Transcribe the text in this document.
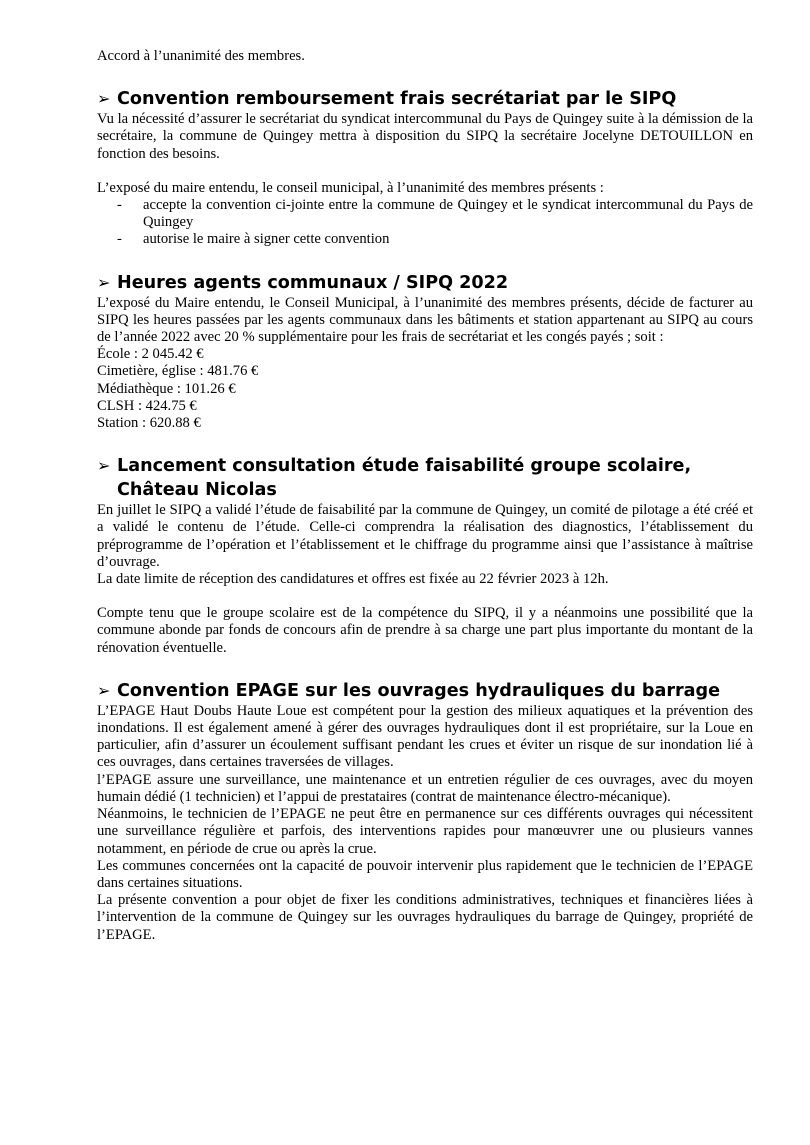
Accord à l’unanimité des membres.

➢ Convention remboursement frais secrétariat par le SIPQ

Vu la nécessité d’assurer le secrétariat du syndicat intercommunal du Pays de Quingey suite à la démission de la secrétaire, la commune de Quingey mettra à disposition du SIPQ la secrétaire Jocelyne DETOUILLON en fonction des besoins.

L’exposé du maire entendu, le conseil municipal, à l’unanimité des membres présents :

-	accepte la convention ci-jointe entre la commune de Quingey et le syndicat intercommunal du Pays de Quingey
-	autorise le maire à signer cette convention
➢ Heures agents communaux / SIPQ 2022

L’exposé du Maire entendu, le Conseil Municipal, à l’unanimité des membres présents, décide de facturer au SIPQ les heures passées par les agents communaux dans les bâtiments et station appartenant au SIPQ au cours de l’année 2022 avec 20 % supplémentaire pour les frais de secrétariat et les congés payés ; soit :

École : 2 045.42 €

Cimetière, église : 481.76 €

Médiathèque : 101.26 €

CLSH : 424.75 €

Station : 620.88 €

➢ Lancement consultation étude faisabilité groupe scolaire, Château Nicolas

En juillet le SIPQ a validé l’étude de faisabilité par la commune de Quingey, un comité de pilotage a été créé et a validé le contenu de l’étude. Celle-ci comprendra la réalisation des diagnostics, l’établissement du préprogramme de l’opération et l’établissement et le chiffrage du programme ainsi que l’assistance à maîtrise d’ouvrage.

La date limite de réception des candidatures et offres est fixée au 22 février 2023 à 12h.

Compte tenu que le groupe scolaire est de la compétence du SIPQ, il y a néanmoins une possibilité que la commune abonde par fonds de concours afin de prendre à sa charge une part plus importante du montant de la rénovation éventuelle.

➢ Convention EPAGE sur les ouvrages hydrauliques du barrage

L’EPAGE Haut Doubs Haute Loue est compétent pour la gestion des milieux aquatiques et la prévention des inondations. Il est également amené à gérer des ouvrages hydrauliques dont il est propriétaire, sur la Loue en particulier, afin d’assurer un écoulement suffisant pendant les crues et éviter un risque de sur inondation lié à ces ouvrages, dans certaines traversées de villages.

l’EPAGE assure une surveillance, une maintenance et un entretien régulier de ces ouvrages, avec du moyen humain dédié (1 technicien) et l’appui de prestataires (contrat de maintenance électro-mécanique).

Néanmoins, le technicien de l’EPAGE ne peut être en permanence sur ces différents ouvrages qui nécessitent une surveillance régulière et parfois, des interventions rapides pour manœuvrer une ou plusieurs vannes notamment, en période de crue ou après la crue.

Les communes concernées ont la capacité de pouvoir intervenir plus rapidement que le technicien de l’EPAGE dans certaines situations.

La présente convention a pour objet de fixer les conditions administratives, techniques et financières liées à l’intervention de la commune de Quingey sur les ouvrages hydrauliques du barrage de Quingey, propriété de l’EPAGE.
